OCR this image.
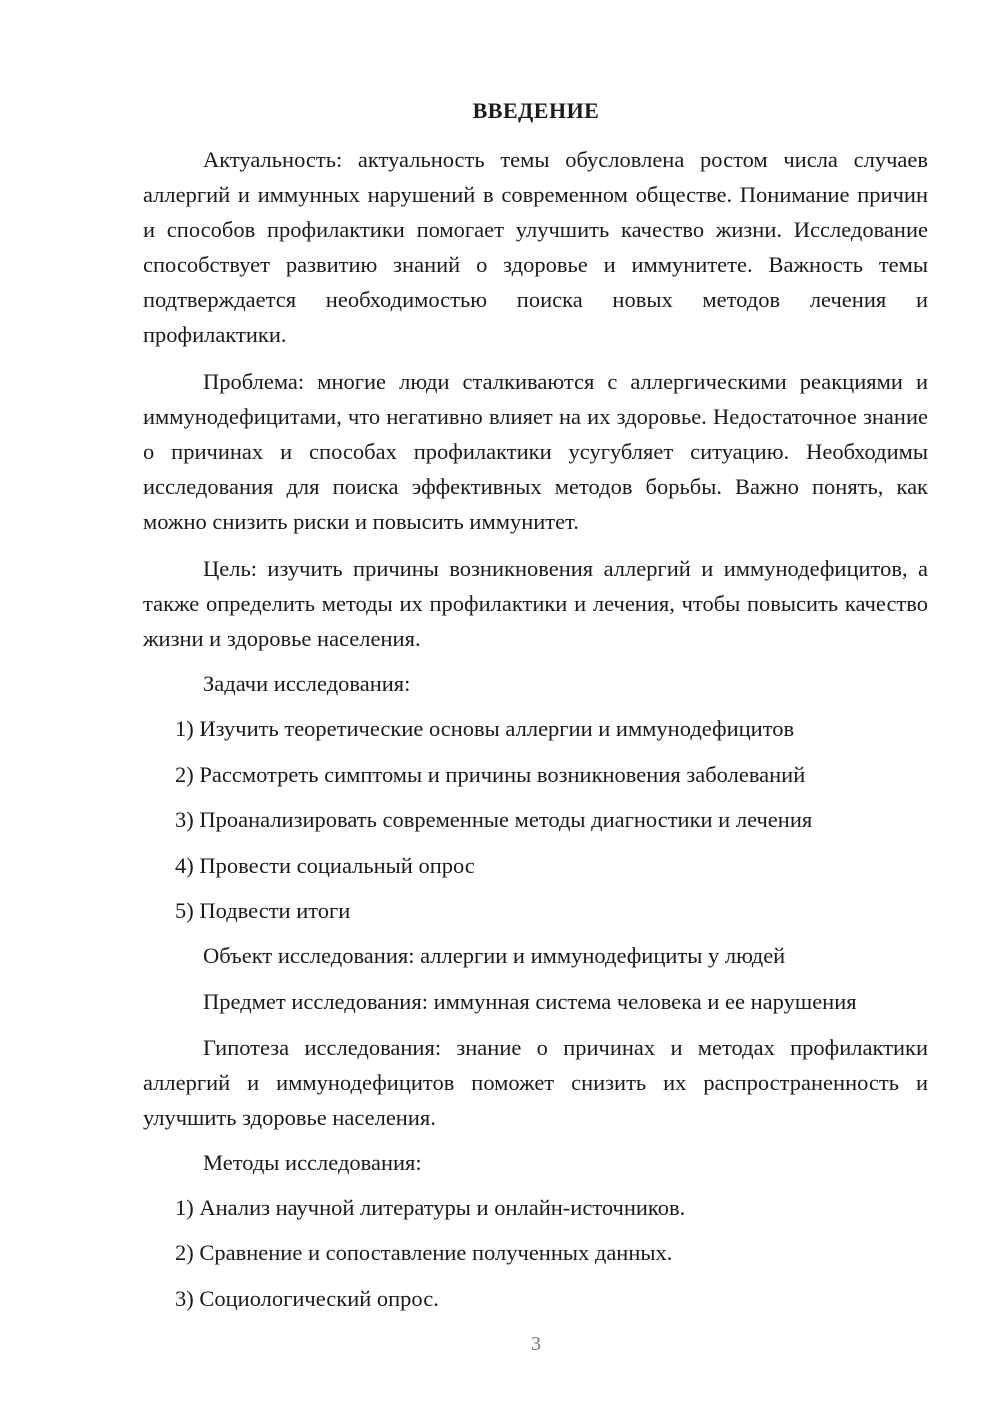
ВВЕДЕНИЕ

Актуальность: актуальность темы обусловлена ростом числа случаев аллергий и иммунных нарушений в современном обществе. Понимание причин и способов профилактики помогает улучшить качество жизни. Исследование способствует развитию знаний о здоровье и иммунитете. Важность темы подтверждается необходимостью поиска новых методов лечения и профилактики.

Проблема: многие люди сталкиваются с аллергическими реакциями и иммунодефицитами, что негативно влияет на их здоровье. Недостаточное знание о причинах и способах профилактики усугубляет ситуацию. Необходимы исследования для поиска эффективных методов борьбы. Важно понять, как можно снизить риски и повысить иммунитет.

Цель: изучить причины возникновения аллергий и иммунодефицитов, а также определить методы их профилактики и лечения, чтобы повысить качество жизни и здоровье населения.

Задачи исследования:

1) Изучить теоретические основы аллергии и иммунодефицитов

2) Рассмотреть симптомы и причины возникновения заболеваний

3) Проанализировать современные методы диагностики и лечения

4) Провести социальный опрос

5) Подвести итоги

Объект исследования: аллергии и иммунодефициты у людей

Предмет исследования: иммунная система человека и ее нарушения

Гипотеза исследования: знание о причинах и методах профилактики аллергий и иммунодефицитов поможет снизить их распространенность и улучшить здоровье населения.

Методы исследования:

1) Анализ научной литературы и онлайн-источников.

2) Сравнение и сопоставление полученных данных.

3) Социологический опрос.

3
